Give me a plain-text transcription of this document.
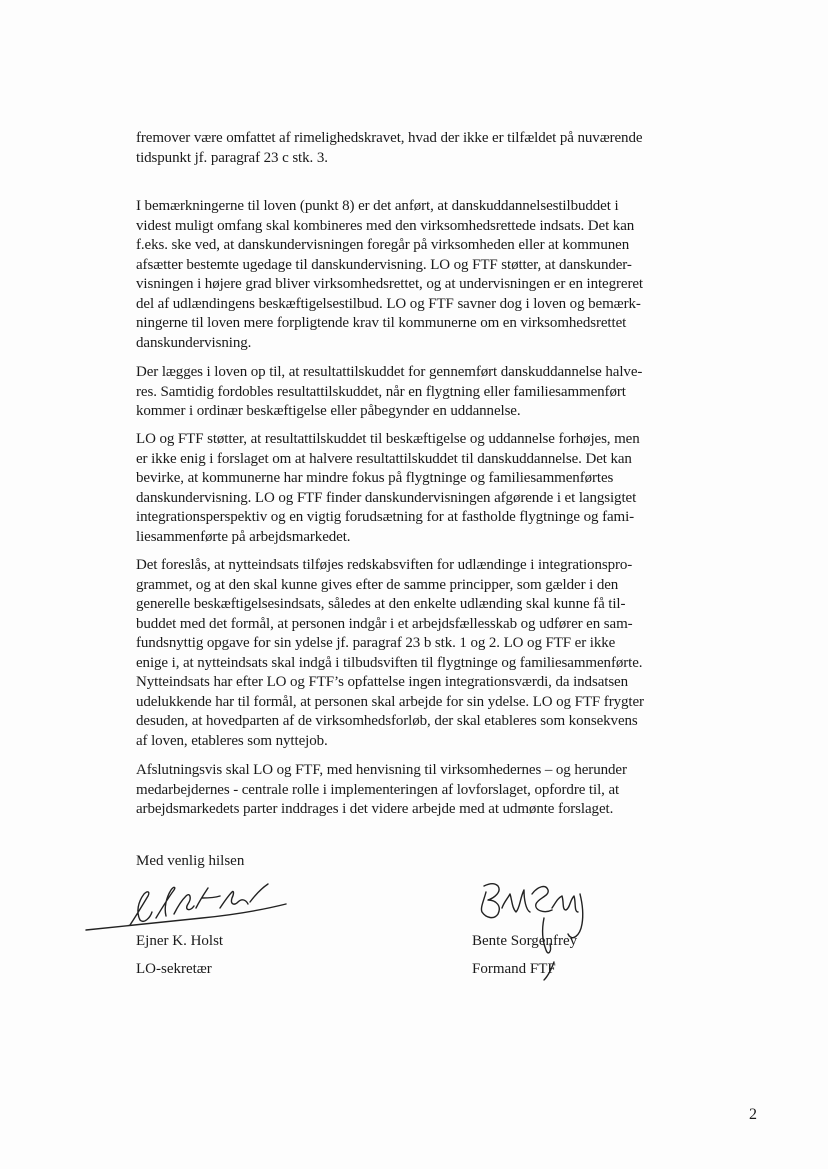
fremover være omfattet af rimelighedskravet, hvad der ikke er tilfældet på nuværende
tidspunkt jf. paragraf 23 c stk. 3.

I bemærkningerne til loven (punkt 8) er det anført, at danskuddannelsestilbuddet i
videst muligt omfang skal kombineres med den virksomhedsrettede indsats. Det kan
f.eks. ske ved, at danskundervisningen foregår på virksomheden eller at kommunen
afsætter bestemte ugedage til danskundervisning. LO og FTF støtter, at danskunder-
visningen i højere grad bliver virksomhedsrettet, og at undervisningen er en integreret
del af udlændingens beskæftigelsestilbud. LO og FTF savner dog i loven og bemærk-
ningerne til loven mere forpligtende krav til kommunerne om en virksomhedsrettet
danskundervisning.

Der lægges i loven op til, at resultattilskuddet for gennemført danskuddannelse halve-
res. Samtidig fordobles resultattilskuddet, når en flygtning eller familiesammenført
kommer i ordinær beskæftigelse eller påbegynder en uddannelse.

LO og FTF støtter, at resultattilskuddet til beskæftigelse og uddannelse forhøjes, men
er ikke enig i forslaget om at halvere resultattilskuddet til danskuddannelse. Det kan
bevirke, at kommunerne har mindre fokus på flygtninge og familiesammenførtes
danskundervisning. LO og FTF finder danskundervisningen afgørende i et langsigtet
integrationsperspektiv og en vigtig forudsætning for at fastholde flygtninge og fami-
liesammenførte på arbejdsmarkedet.

Det foreslås, at nytteindsats tilføjes redskabsviften for udlændinge i integrationspro-
grammet, og at den skal kunne gives efter de samme principper, som gælder i den
generelle beskæftigelsesindsats, således at den enkelte udlænding skal kunne få til-
buddet med det formål, at personen indgår i et arbejdsfællesskab og udfører en sam-
fundsnyttig opgave for sin ydelse jf. paragraf 23 b stk. 1 og 2. LO og FTF er ikke
enige i, at nytteindsats skal indgå i tilbudsviften til flygtninge og familiesammenførte.
Nytteindsats har efter LO og FTF’s opfattelse ingen integrationsværdi, da indsatsen
udelukkende har til formål, at personen skal arbejde for sin ydelse. LO og FTF frygter
desuden, at hovedparten af de virksomhedsforløb, der skal etableres som konsekvens
af loven, etableres som nyttejob.

Afslutningsvis skal LO og FTF, med henvisning til virksomhedernes – og herunder
medarbejdernes - centrale rolle i implementeringen af lovforslaget, opfordre til, at
arbejdsmarkedets parter inddrages i det videre arbejde med at udmønte forslaget.

Med venlig hilsen
Ejner K. Holst
LO-sekretær
Bente Sorgenfrey
Formand FTF
2
